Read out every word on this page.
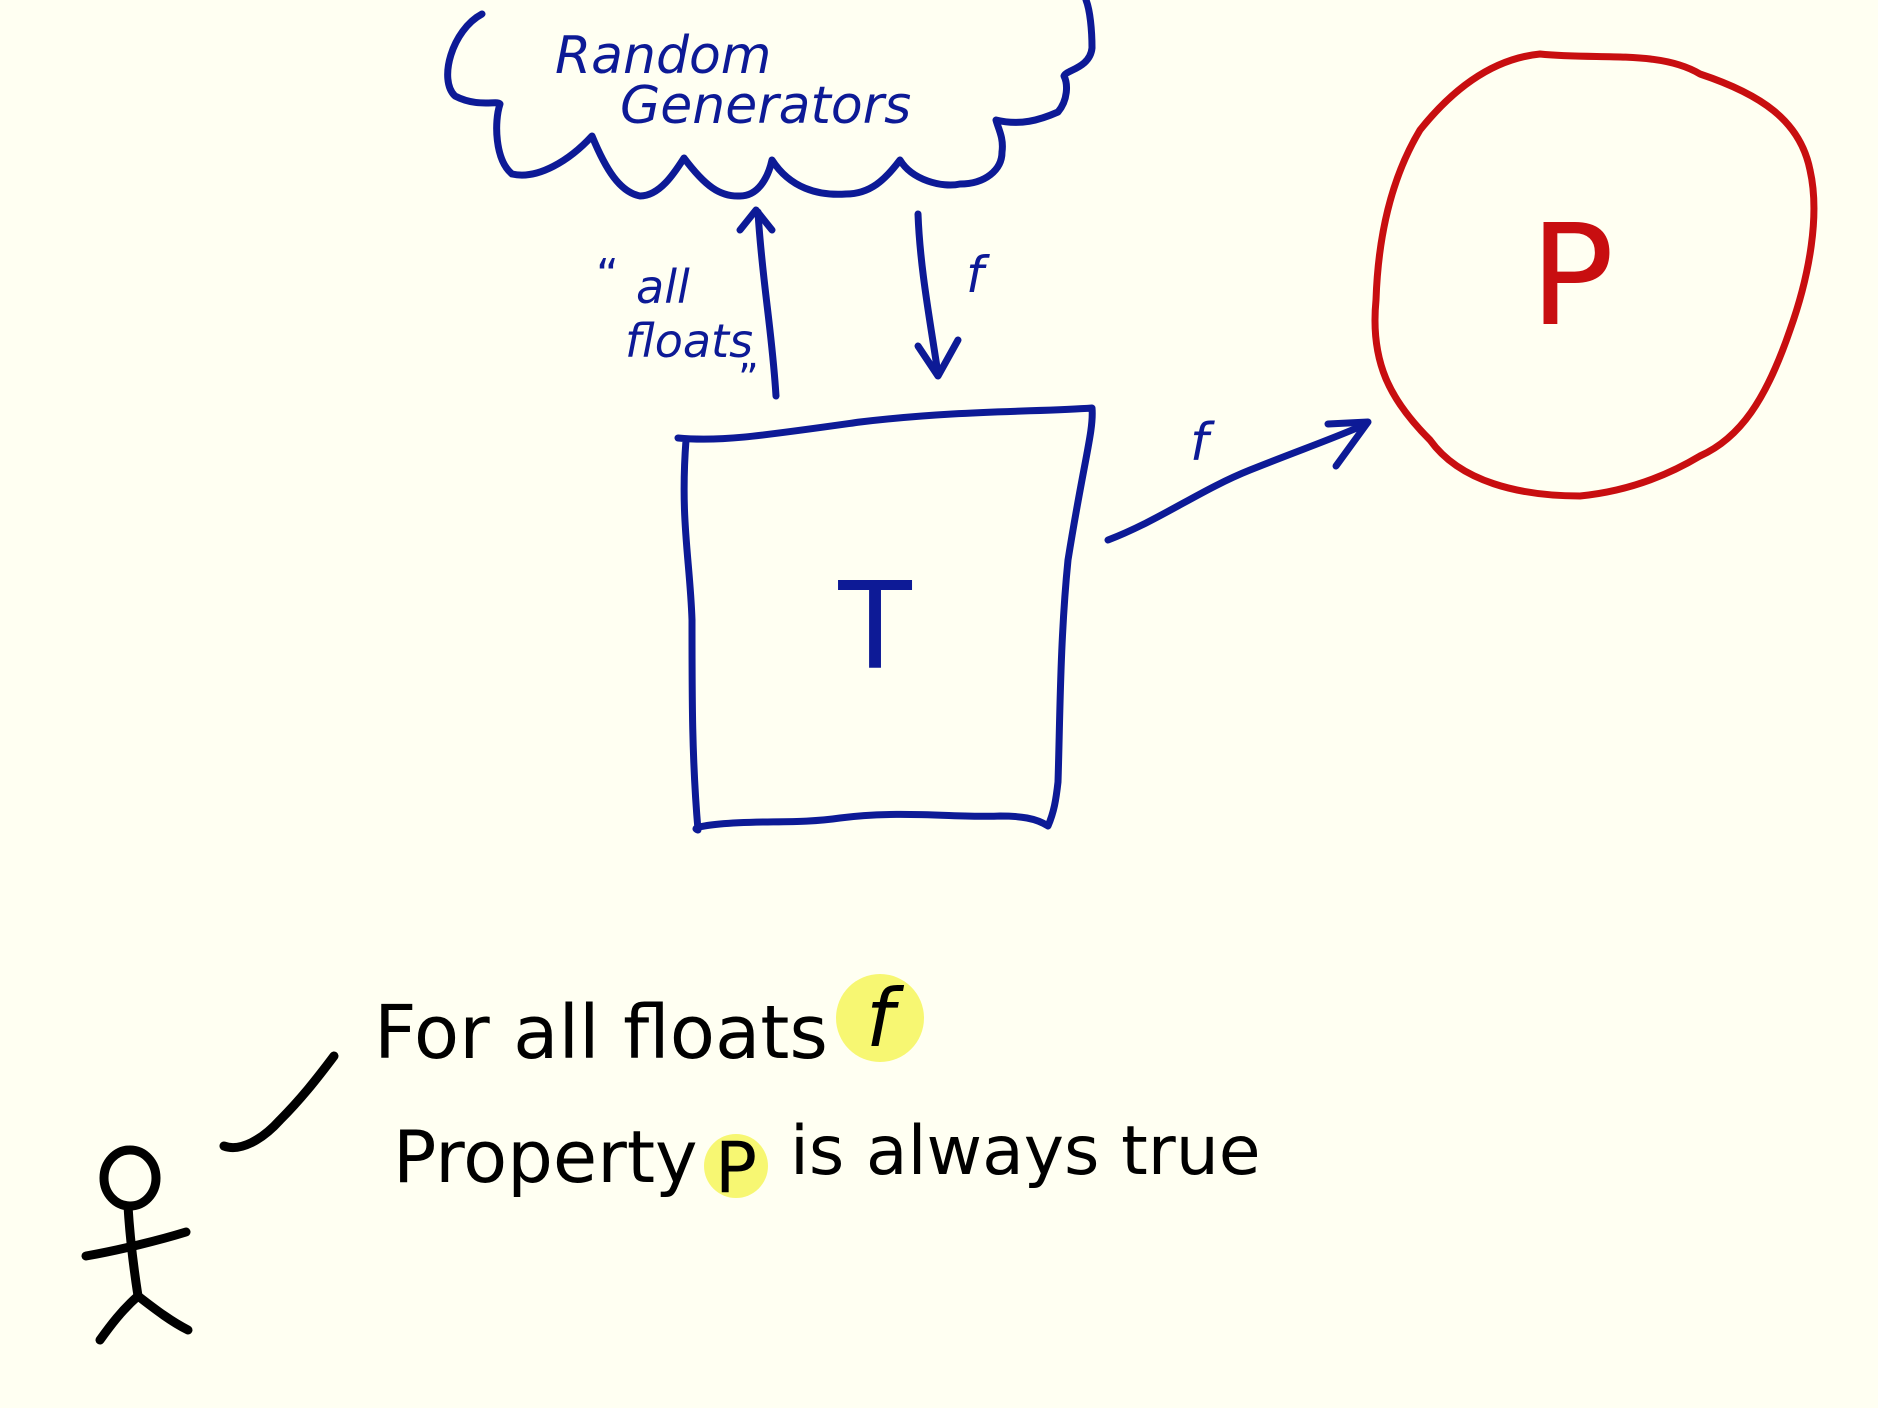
Random
Generators
“ all
floats
”
f
T
f
P
For all floats f
Property P is always true
